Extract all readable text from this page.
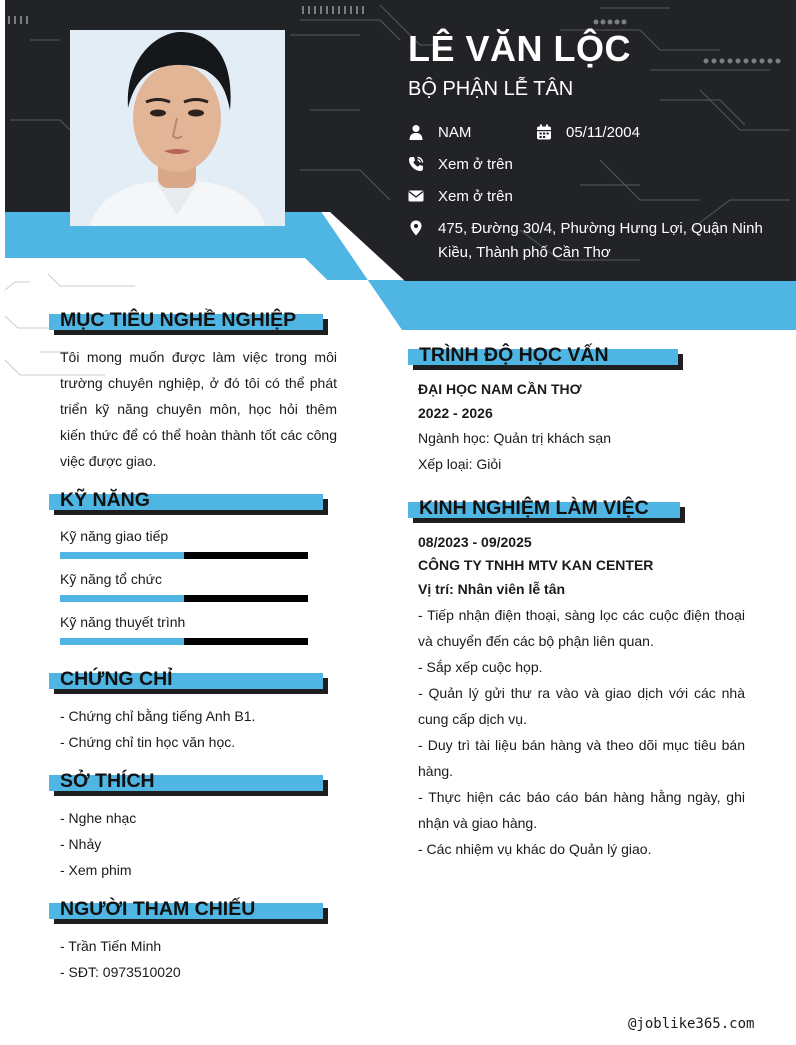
LÊ VĂN LỘC
BỘ PHẬN LỄ TÂN
NAM	05/11/2004
Xem ở trên
Xem ở trên
475, Đường 30/4, Phường Hưng Lợi, Quận Ninh Kiều, Thành phố Cần Thơ
MỤC TIÊU NGHỀ NGHIỆP
Tôi mong muốn được làm việc trong môi trường chuyên nghiệp, ở đó tôi có thể phát triển kỹ năng chuyên môn, học hỏi thêm kiến thức để có thể hoàn thành tốt các công việc được giao.
KỸ NĂNG
Kỹ năng giao tiếp
Kỹ năng tổ chức
Kỹ năng thuyết trình
CHỨNG CHỈ
- Chứng chỉ bằng tiếng Anh B1.
- Chứng chỉ tin học văn học.
SỞ THÍCH
- Nghe nhạc
- Nhảy
- Xem phim
NGƯỜI THAM CHIẾU
- Trần Tiến Minh
- SĐT: 0973510020
TRÌNH ĐỘ HỌC VẤN
ĐẠI HỌC NAM CẦN THƠ
2022 - 2026
Ngành học: Quản trị khách sạn
Xếp loại: Giỏi
KINH NGHIỆM LÀM VIỆC
08/2023 - 09/2025
CÔNG TY TNHH MTV KAN CENTER
Vị trí: Nhân viên lễ tân
- Tiếp nhận điện thoại, sàng lọc các cuộc điện thoại và chuyển đến các bộ phận liên quan.
- Sắp xếp cuộc họp.
- Quản lý gửi thư ra vào và giao dịch với các nhà cung cấp dịch vụ.
- Duy trì tài liệu bán hàng và theo dõi mục tiêu bán hàng.
- Thực hiện các báo cáo bán hàng hằng ngày, ghi nhận và giao hàng.
- Các nhiệm vụ khác do Quản lý giao.
@joblike365.com
